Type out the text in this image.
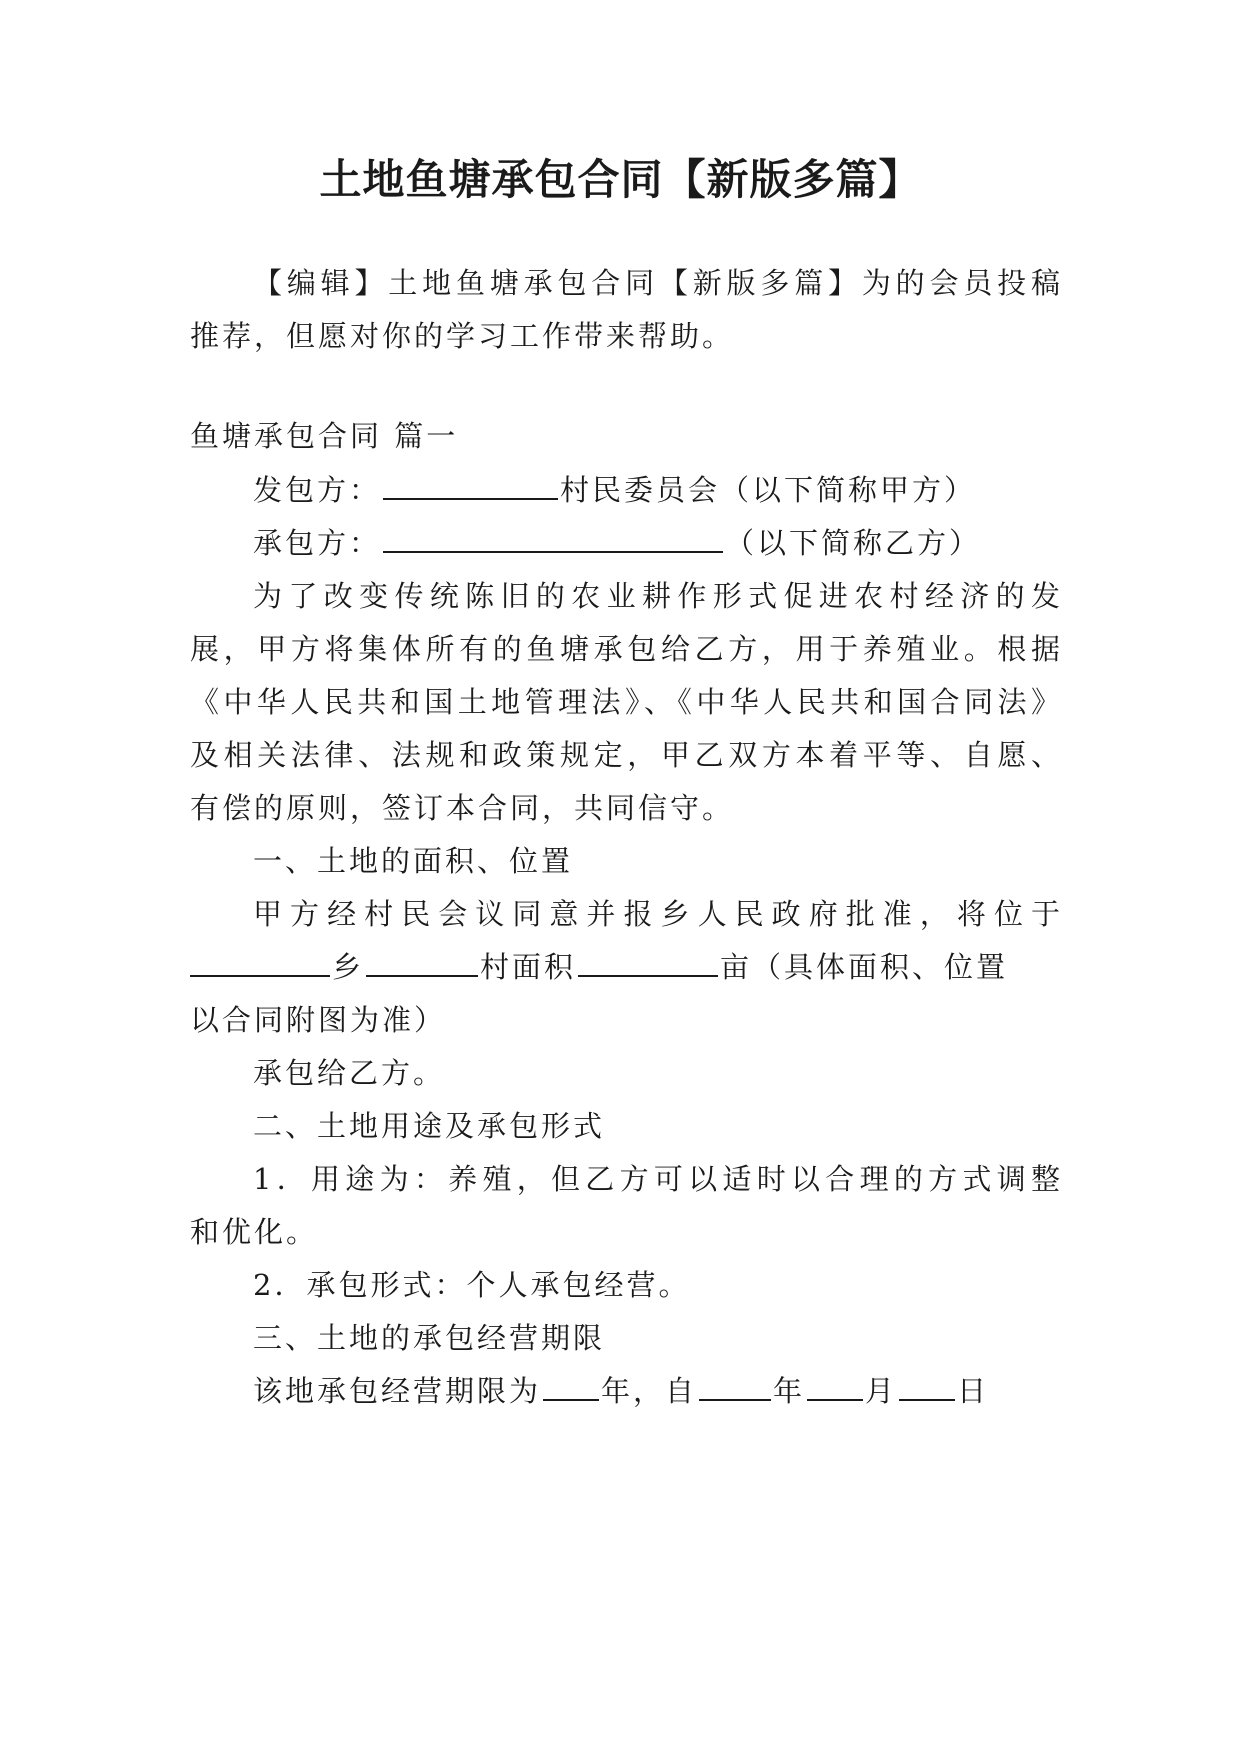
土地鱼塘承包合同【新版多篇】
【编辑】土地鱼塘承包合同【新版多篇】为的会员投稿
推荐，但愿对你的学习工作带来帮助。
鱼塘承包合同 篇一
发包方：	村民委员会（以下简称甲方）
承包方：	（以下简称乙方）
为了改变传统陈旧的农业耕作形式促进农村经济的发
展，甲方将集体所有的鱼塘承包给乙方，用于养殖业。根据
《中华人民共和国土地管理法》、《中华人民共和国合同法》
及相关法律、法规和政策规定，甲乙双方本着平等、自愿、
有偿的原则，签订本合同，共同信守。
一、土地的面积、位置
甲方经村民会议同意并报乡人民政府批准，将位于
乡	村面积	亩（具体面积、位置
以合同附图为准）
承包给乙方。
二、土地用途及承包形式
1．用途为：养殖，但乙方可以适时以合理的方式调整
和优化。
2．承包形式：个人承包经营。
三、土地的承包经营期限
该地承包经营期限为 年，自	年 月 日
